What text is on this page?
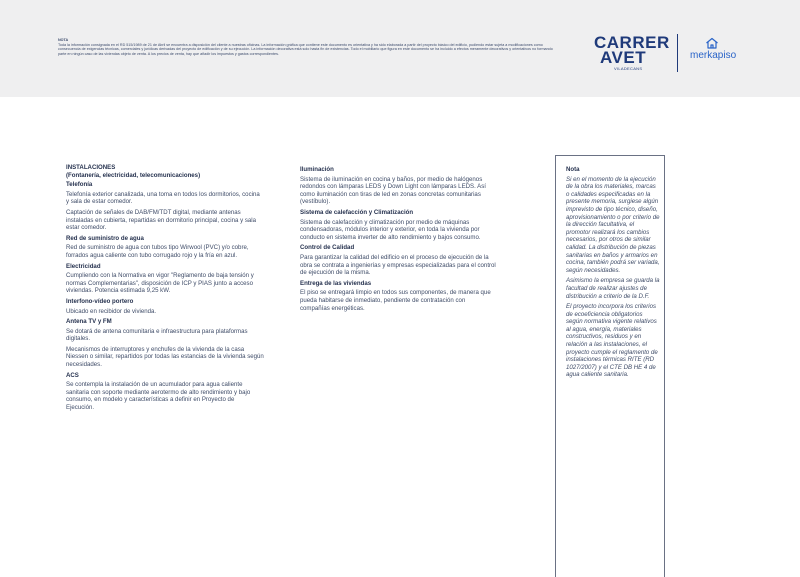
NOTA
Toda la información consignada en el RD 515/1989 de 21 de Abril se encuentra a disposición del cliente a nuestras oficinas. La información gráfica que contiene este documento es orientativa y ha sido elaborada a partir del proyecto básico del edificio, pudiendo estar sujeta a modificaciones como consecuencia de exigencias técnicas, comerciales y jurídicas derivadas del proyecto de edificación y de su ejecución. La información decorativa está solo hasta fin de existencias. Todo el mobiliario que figura en este documento se ha incluido a efectos meramente decorativos y orientativos no formando parte en ningún caso de las viviendas objeto de venta. A los precios de venta, hay que añadir los impuestos y gastos correspondientes.
CARRER
AVET
VILADECANS
merkapiso
INSTALACIONES
(Fontanería, electricidad, telecomunicaciones)
Telefonía

Telefonía exterior canalizada, una toma en todos los dormitorios, cocina y sala de estar comedor.

Captación de señales de DAB/FM/TDT digital, mediante antenas instaladas en cubierta, repartidas en dormitorio principal, cocina y sala estar comedor.

Red de suministro de agua

Red de suministro de agua con tubos tipo Wirwool (PVC) y/o cobre, forrados agua caliente con tubo corrugado rojo y la fría en azul.

Electricidad

Cumpliendo con la Normativa en vigor "Reglamento de baja tensión y normas Complementarias", disposición de ICP y PIAS junto a acceso viviendas. Potencia estimada 9,25 kW.

Interfono-vídeo portero

Ubicado en recibidor de vivienda.

Antena TV y FM

Se dotará de antena comunitaria e infraestructura para plataformas digitales.

Mecanismos de interruptores y enchufes de la vivienda de la casa Niessen o similar, repartidos por todas las estancias de la vivienda según necesidades.

ACS

Se contempla la instalación de un acumulador para agua caliente sanitaria con soporte mediante aerotermo de alto rendimiento y bajo consumo, en modelo y características a definir en Proyecto de Ejecución.

Iluminación

Sistema de iluminación en cocina y baños, por medio de halógenos redondos con lámparas LEDS y Down Light con lámparas LEDS. Así como iluminación con tiras de led en zonas concretas comunitarias (vestíbulo).

Sistema de calefacción y Climatización

Sistema de calefacción y climatización por medio de máquinas condensadoras, módulos interior y exterior, en toda la vivienda por conducto en sistema inverter de alto rendimiento y bajos consumo.

Control de Calidad

Para garantizar la calidad del edificio en el proceso de ejecución de la obra se contrata a ingenierías y empresas especializadas para el control de ejecución de la misma.

Entrega de las viviendas

El piso se entregará limpio en todos sus componentes, de manera que pueda habitarse de inmediato, pendiente de contratación con compañías energéticas.

Nota

Si en el momento de la ejecución de la obra los materiales, marcas o calidades especificadas en la presente memoria, surgiese algún imprevisto de tipo técnico, diseño, aprovisionamiento o por criterio de la dirección facultativa, el promotor realizará los cambios necesarios, por otros de similar calidad. La distribución de piezas sanitarias en baños y armarios en cocina, también podrá ser variada, según necesidades.

Asimismo la empresa se guarda la facultad de realizar ajustes de distribución a criterio de la D.F.

El proyecto incorpora los criterios de ecoeficiencia obligatorios según normativa vigente relativos al agua, energía, materiales constructivos, residuos y en relación a las instalaciones, el proyecto cumple el reglamento de instalaciones térmicas RITE (RD 1027/2007) y el CTE DB HE 4 de agua caliente sanitaria.
